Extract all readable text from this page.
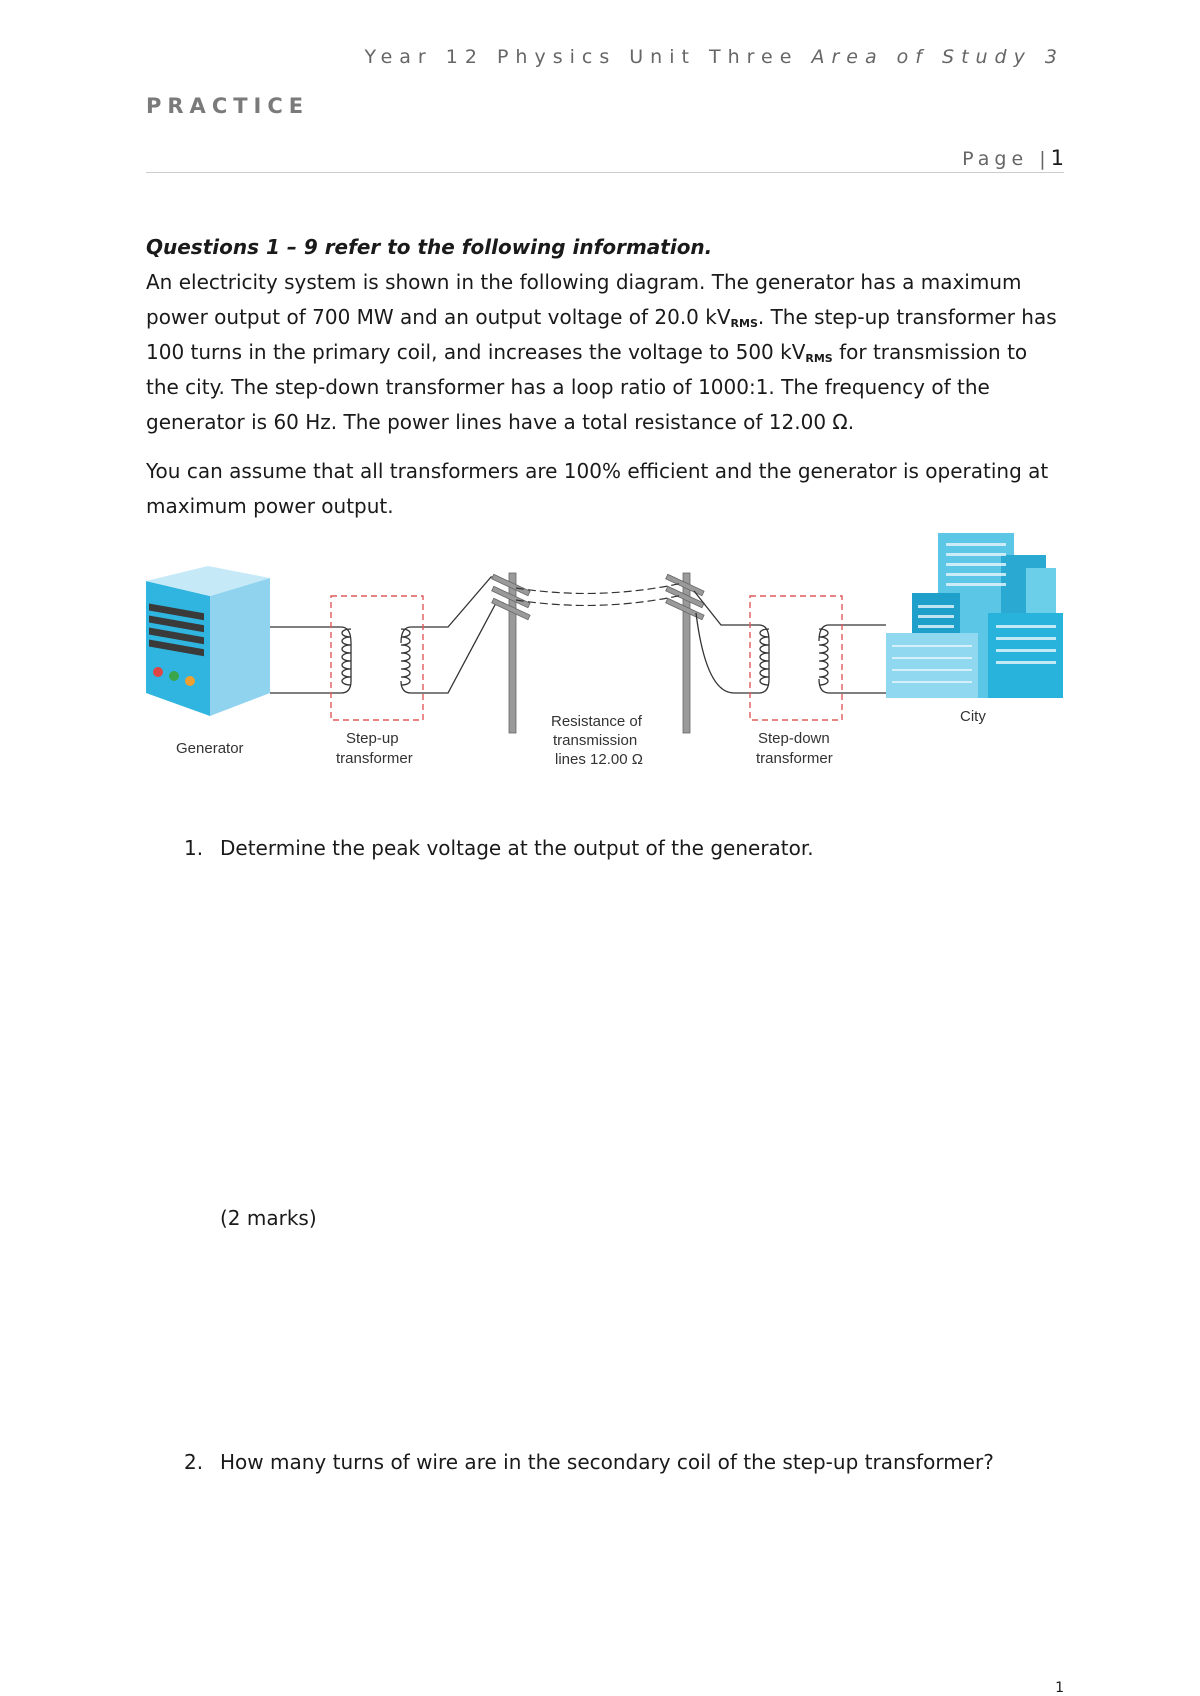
Year 12 Physics Unit Three Area of Study 3
PRACTICE
Page |1

Questions 1 – 9 refer to the following information.

An electricity system is shown in the following diagram. The generator has a maximum power output of 700 MW and an output voltage of 20.0 $kV_{RMS}$. The step-up transformer has 100 turns in the primary coil, and increases the voltage to 500 $kV_{RMS}$ for transmission to the city. The step-down transformer has a loop ratio of 1000:1. The frequency of the generator is 60 Hz. The power lines have a total resistance of 12.00 Ω.

You can assume that all transformers are 100% efficient and the generator is operating at maximum power output.

Generator
Step-up
transformer
Resistance of
transmission
lines 12.00 Ω
Step-down
transformer
City
1. Determine the peak voltage at the output of the generator.
(2 marks)
2. How many turns of wire are in the secondary coil of the step-up transformer?
1
